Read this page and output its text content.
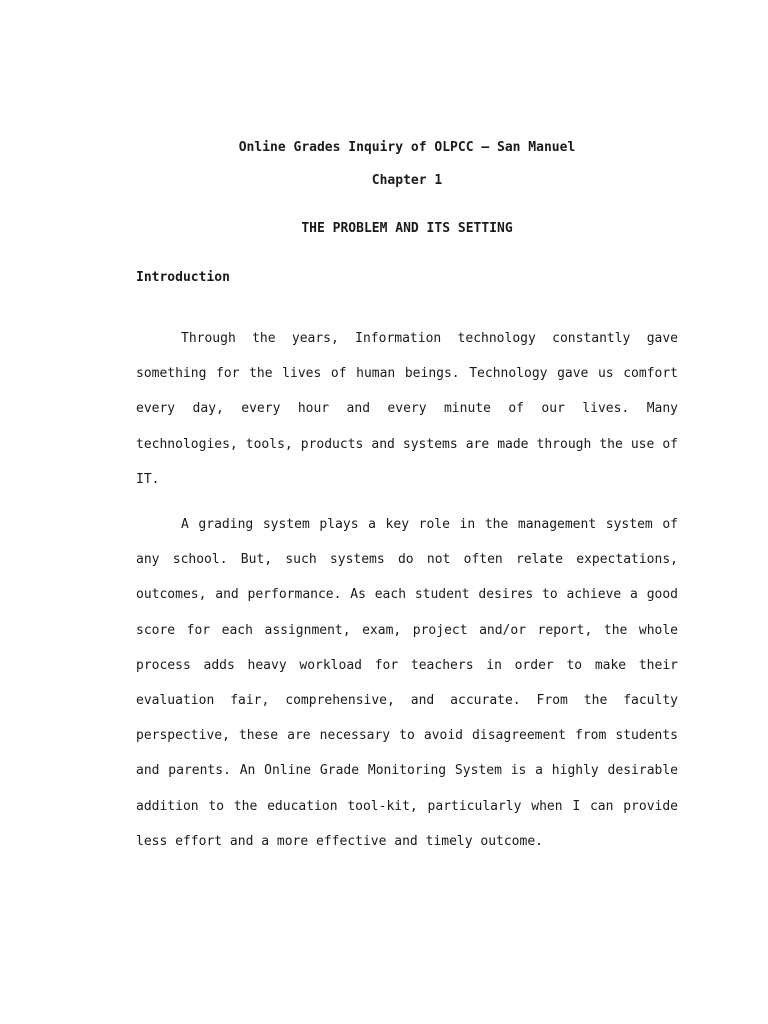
Online Grades Inquiry of OLPCC – San Manuel
Chapter 1
THE PROBLEM AND ITS SETTING
Introduction
Through the years, Information technology constantly gave something for the lives of human beings. Technology gave us comfort every day, every hour and every minute of our lives. Many technologies, tools, products and systems are made through the use of IT.
A grading system plays a key role in the management system of any school. But, such systems do not often relate expectations, outcomes, and performance. As each student desires to achieve a good score for each assignment, exam, project and/or report, the whole process adds heavy workload for teachers in order to make their evaluation fair, comprehensive, and accurate. From the faculty perspective, these are necessary to avoid disagreement from students and parents. An Online Grade Monitoring System is a highly desirable addition to the education tool-kit, particularly when I can provide less effort and a more effective and timely outcome.
